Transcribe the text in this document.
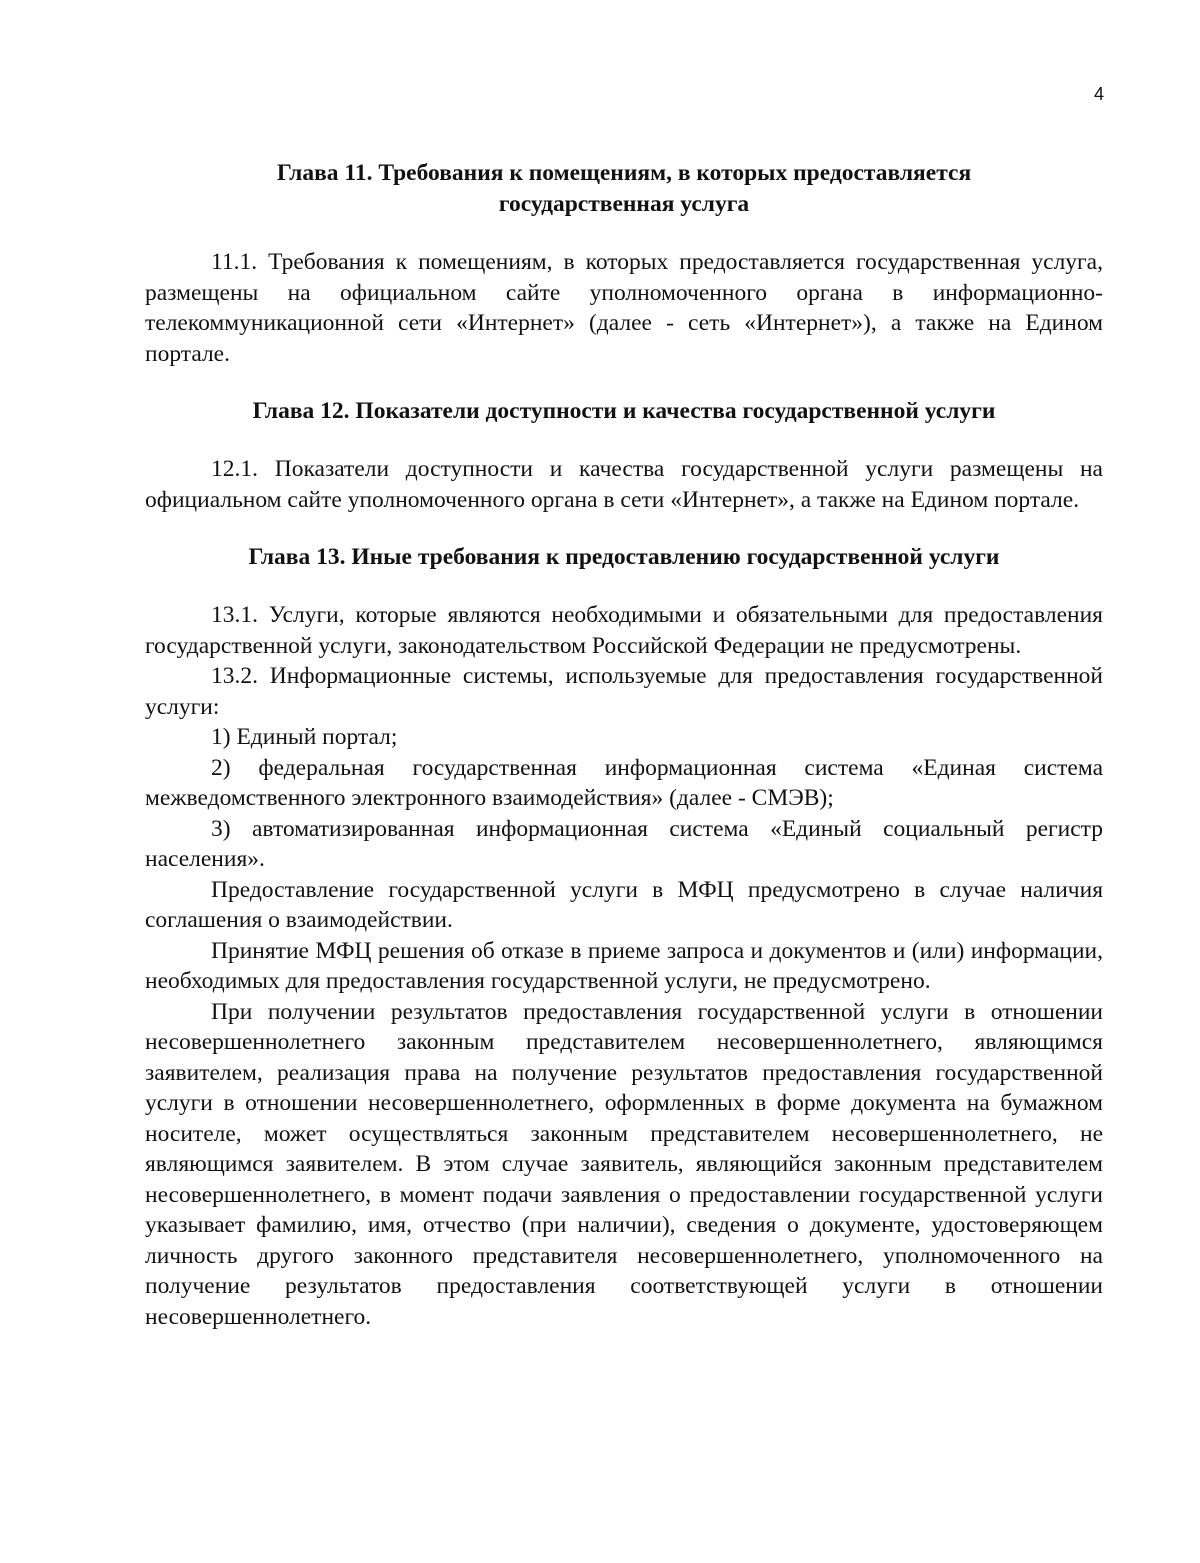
4
Глава 11. Требования к помещениям, в которых предоставляется
государственная услуга

11.1. Требования к помещениям, в которых предоставляется государственная услуга, размещены на официальном сайте уполномоченного органа в информационно-телекоммуникационной сети «Интернет» (далее - сеть «Интернет»), а также на Едином портале.

Глава 12. Показатели доступности и качества государственной услуги

12.1. Показатели доступности и качества государственной услуги размещены на официальном сайте уполномоченного органа в сети «Интернет», а также на Едином портале.

Глава 13. Иные требования к предоставлению государственной услуги

13.1. Услуги, которые являются необходимыми и обязательными для предоставления государственной услуги, законодательством Российской Федерации не предусмотрены.

13.2. Информационные системы, используемые для предоставления государственной услуги:

1) Единый портал;

2) федеральная государственная информационная система «Единая система межведомственного электронного взаимодействия» (далее - СМЭВ);

3) автоматизированная информационная система «Единый социальный регистр населения».

Предоставление государственной услуги в МФЦ предусмотрено в случае наличия соглашения о взаимодействии.

Принятие МФЦ решения об отказе в приеме запроса и документов и (или) информации, необходимых для предоставления государственной услуги, не предусмотрено.

При получении результатов предоставления государственной услуги в отношении несовершеннолетнего законным представителем несовершеннолетнего, являющимся заявителем, реализация права на получение результатов предоставления государственной услуги в отношении несовершеннолетнего, оформленных в форме документа на бумажном носителе, может осуществляться законным представителем несовершеннолетнего, не являющимся заявителем. В этом случае заявитель, являющийся законным представителем несовершеннолетнего, в момент подачи заявления о предоставлении государственной услуги указывает фамилию, имя, отчество (при наличии), сведения о документе, удостоверяющем личность другого законного представителя несовершеннолетнего, уполномоченного на получение результатов предоставления соответствующей услуги в отношении несовершеннолетнего.
